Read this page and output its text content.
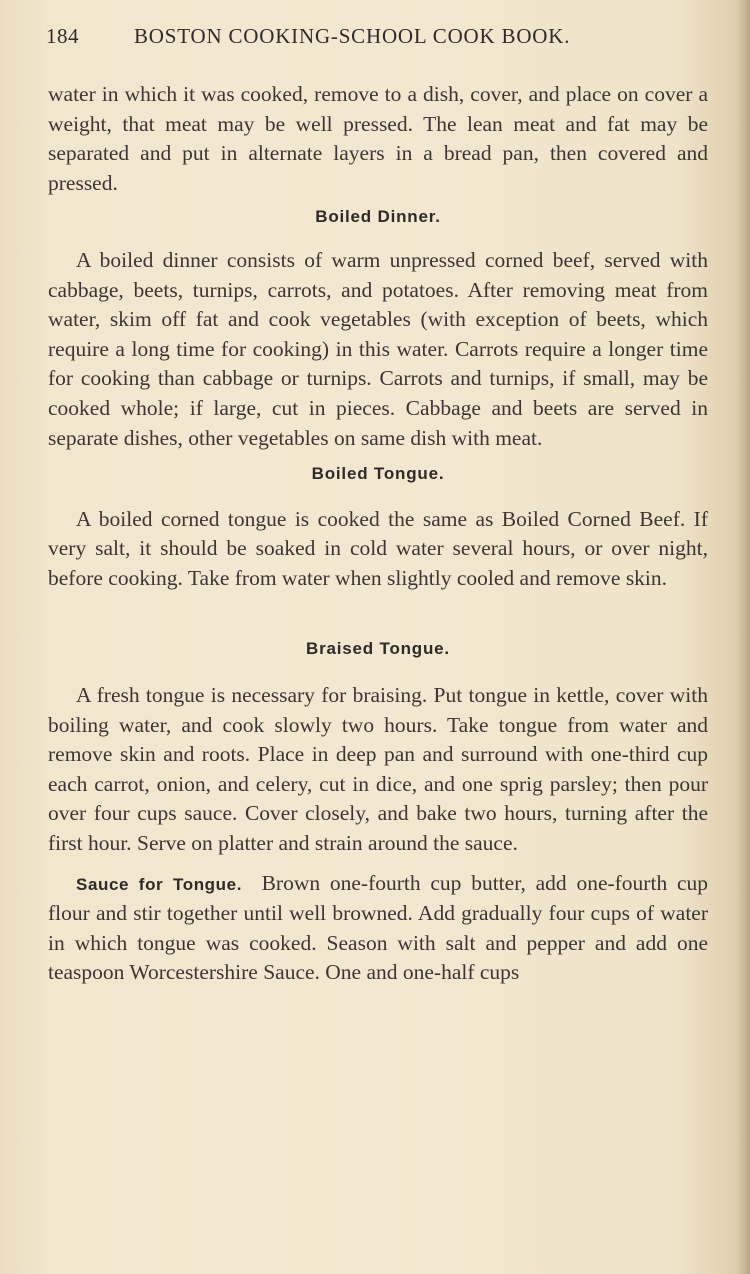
184	BOSTON COOKING-SCHOOL COOK BOOK.

water in which it was cooked, remove to a dish, cover, and place on cover a weight, that meat may be well pressed. The lean meat and fat may be separated and put in alternate layers in a bread pan, then covered and pressed.

Boiled Dinner.

A boiled dinner consists of warm unpressed corned beef, served with cabbage, beets, turnips, carrots, and potatoes. After removing meat from water, skim off fat and cook vegetables (with exception of beets, which require a long time for cooking) in this water. Carrots require a longer time for cooking than cabbage or turnips. Carrots and turnips, if small, may be cooked whole; if large, cut in pieces. Cabbage and beets are served in separate dishes, other vegetables on same dish with meat.

Boiled Tongue.

A boiled corned tongue is cooked the same as Boiled Corned Beef. If very salt, it should be soaked in cold water several hours, or over night, before cooking. Take from water when slightly cooled and remove skin.

Braised Tongue.

A fresh tongue is necessary for braising. Put tongue in kettle, cover with boiling water, and cook slowly two hours. Take tongue from water and remove skin and roots. Place in deep pan and surround with one-third cup each carrot, onion, and celery, cut in dice, and one sprig parsley; then pour over four cups sauce. Cover closely, and bake two hours, turning after the first hour. Serve on platter and strain around the sauce.

Sauce for Tongue. Brown one-fourth cup butter, add one-fourth cup flour and stir together until well browned. Add gradually four cups of water in which tongue was cooked. Season with salt and pepper and add one teaspoon Worcestershire Sauce. One and one-half cups
